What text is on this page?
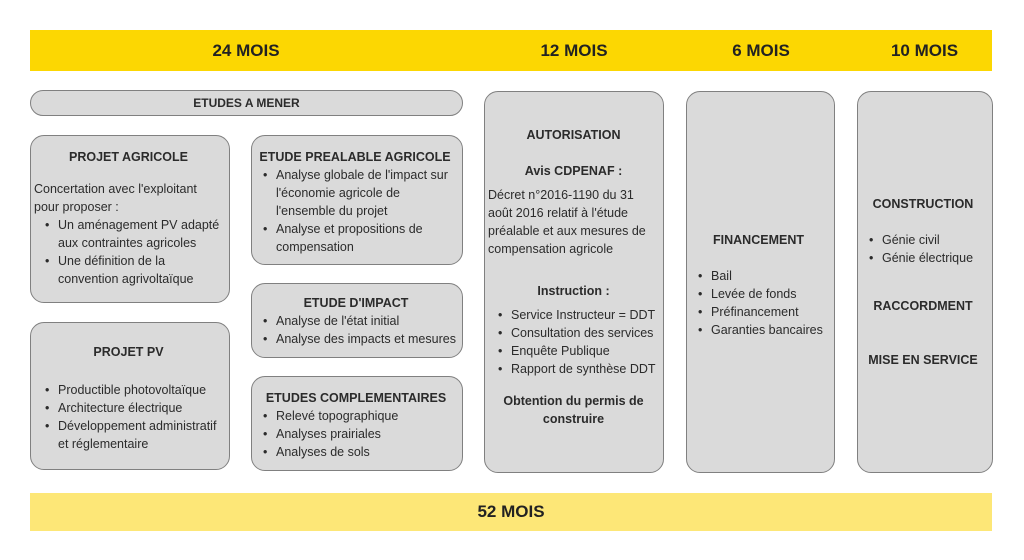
24 MOIS	12 MOIS	6 MOIS	10 MOIS
ETUDES A MENER
PROJET AGRICOLE

Concertation avec l'exploitant pour proposer :

• Un aménagement PV adapté aux contraintes agricoles
• Une définition de la convention agrivoltaïque
PROJET PV
• Productible photovoltaïque
• Architecture électrique
• Développement administratif et réglementaire
ETUDE PREALABLE AGRICOLE
• Analyse globale de l'impact sur l'économie agricole de l'ensemble du projet
• Analyse et propositions de compensation
ETUDE D'IMPACT
• Analyse de l'état initial
• Analyse des impacts et mesures
ETUDES COMPLEMENTAIRES
• Relevé topographique
• Analyses prairiales
• Analyses de sols
AUTORISATION
Avis CDPENAF :

Décret n°2016-1190 du 31 août 2016 relatif à l'étude préalable et aux mesures de compensation agricole

Instruction :
• Service Instructeur = DDT
• Consultation des services
• Enquête Publique
• Rapport de synthèse DDT
Obtention du permis de construire
FINANCEMENT
• Bail
• Levée de fonds
• Préfinancement
• Garanties bancaires
CONSTRUCTION
• Génie civil
• Génie électrique
RACCORDMENT
MISE EN SERVICE
52 MOIS
